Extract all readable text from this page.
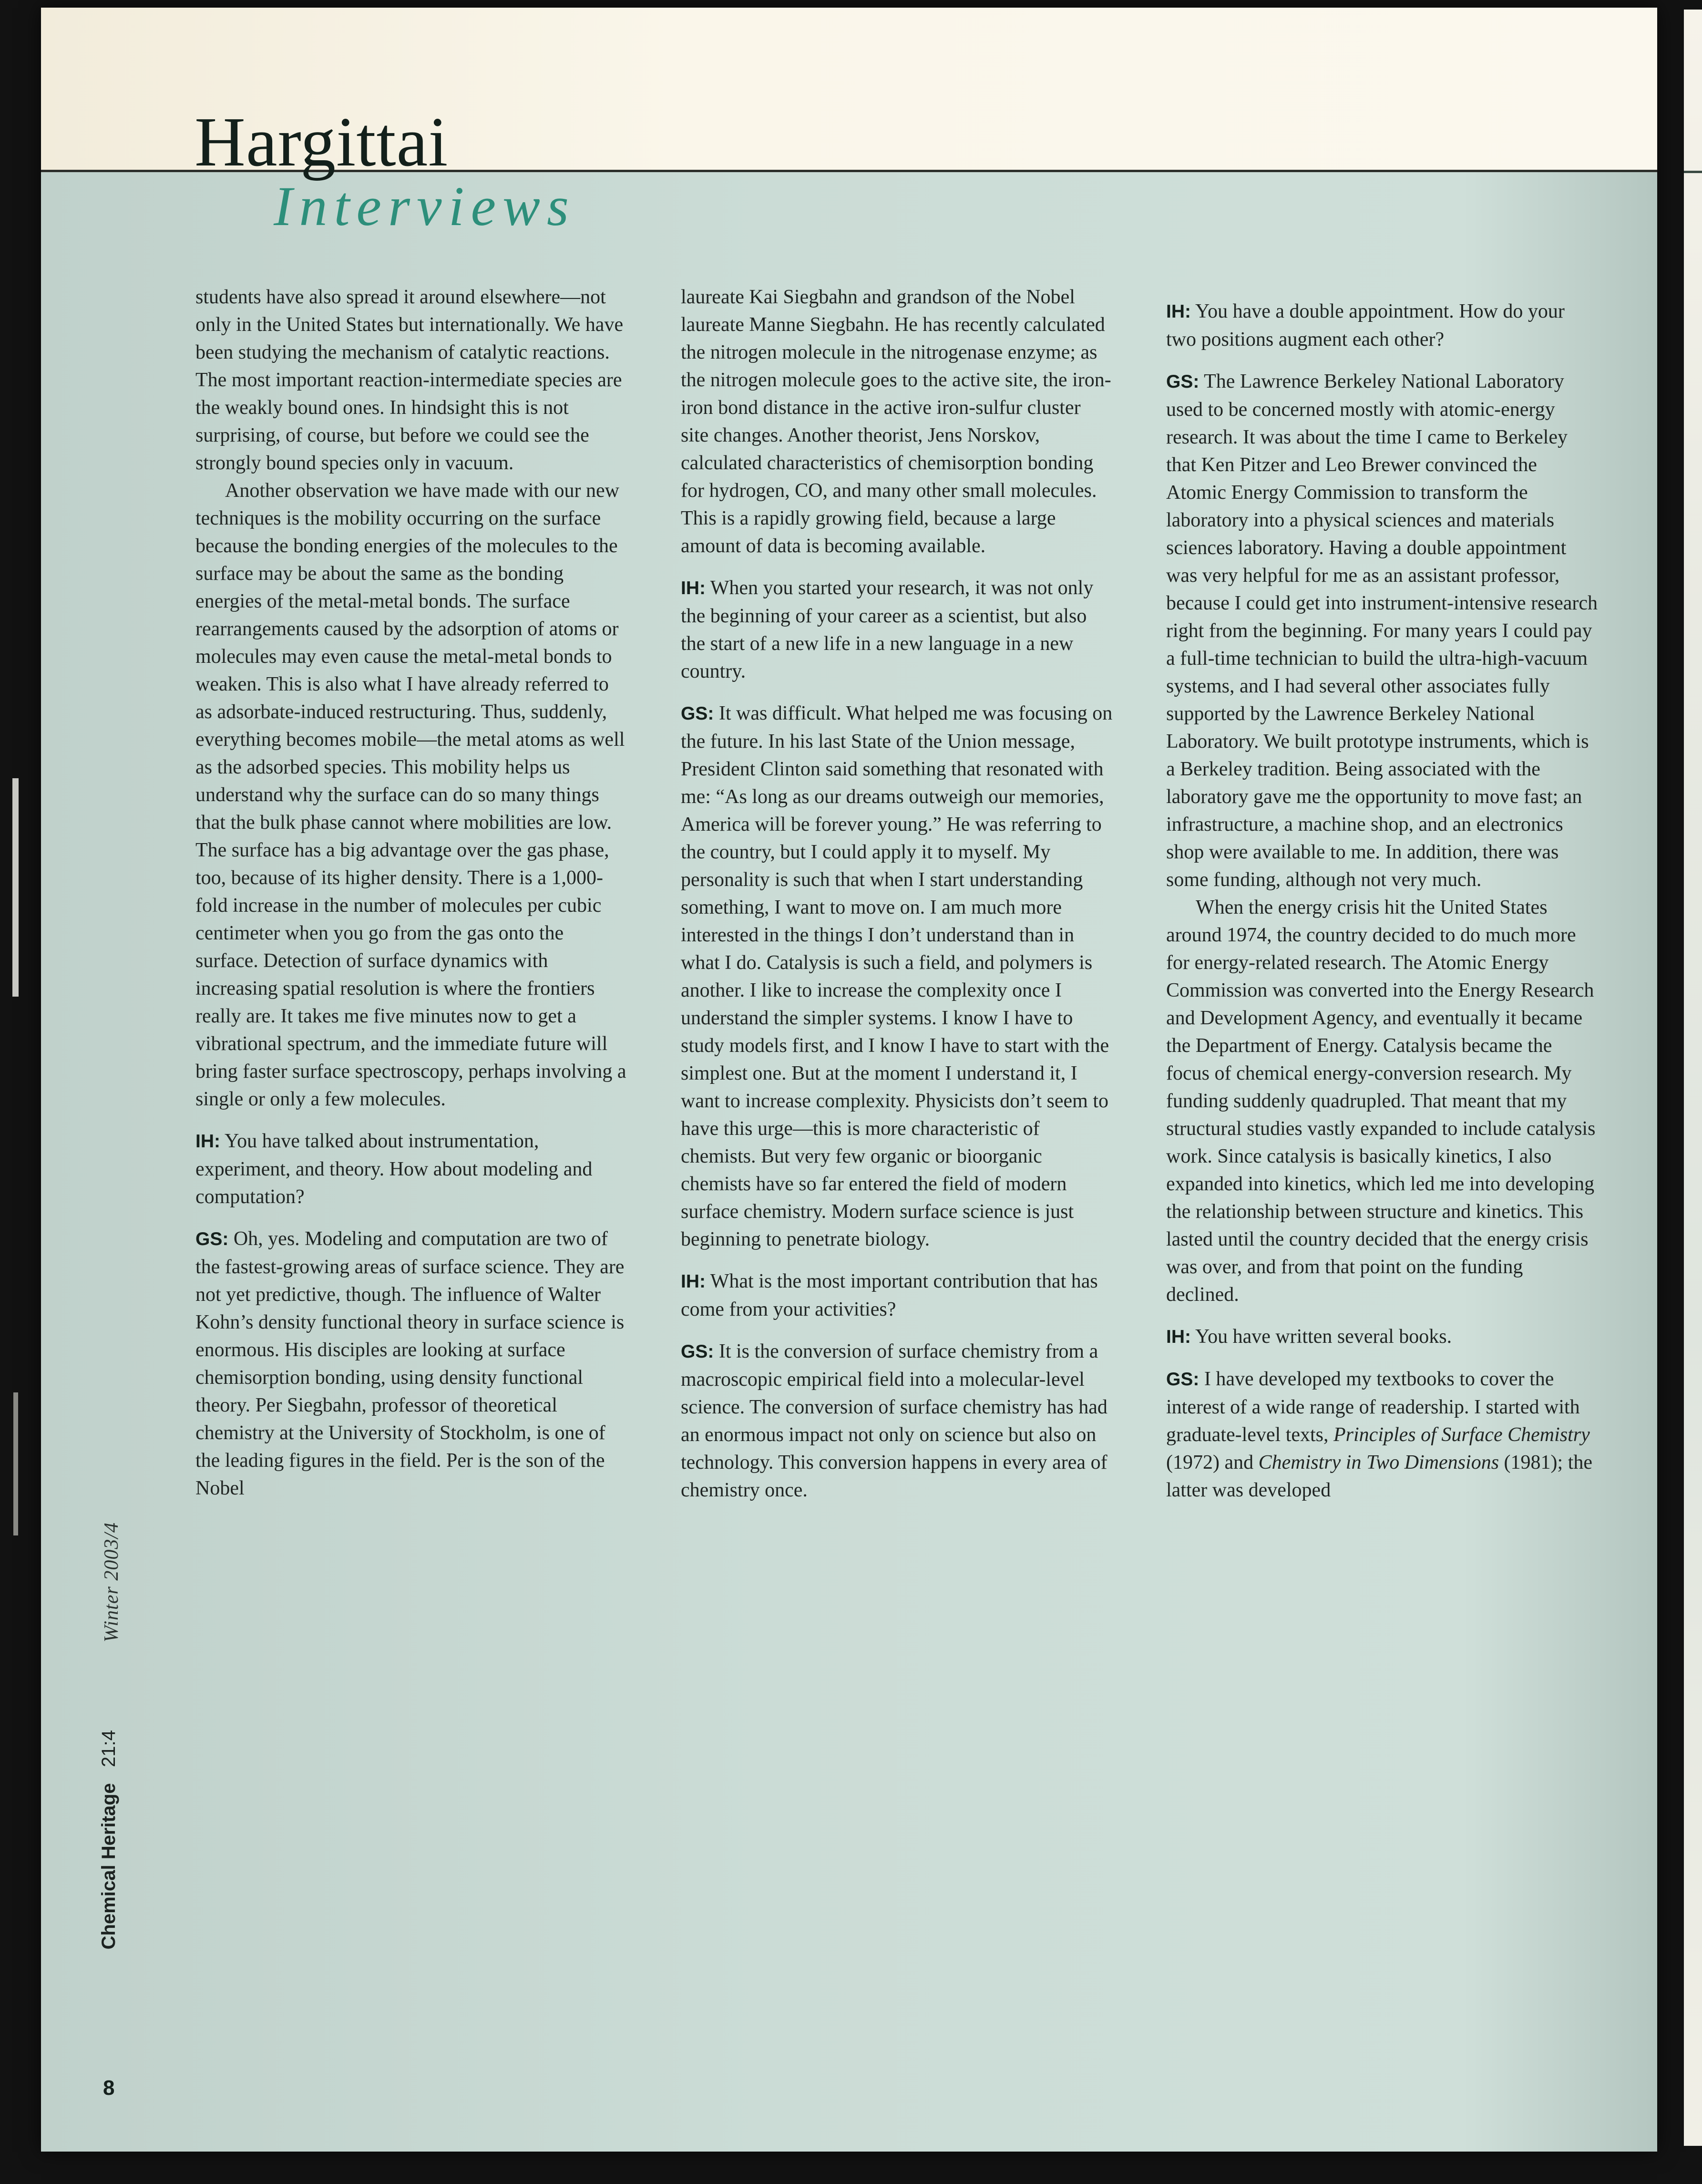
Hargittai
Interviews

students have also spread it around elsewhere—not only in the United States but internationally. We have been studying the mechanism of catalytic reactions. The most important reaction-intermediate species are the weakly bound ones. In hindsight this is not surprising, of course, but before we could see the strongly bound species only in vacuum.

Another observation we have made with our new techniques is the mobility occurring on the surface because the bonding energies of the molecules to the surface may be about the same as the bonding energies of the metal-metal bonds. The surface rearrangements caused by the adsorption of atoms or molecules may even cause the metal-metal bonds to weaken. This is also what I have already referred to as adsorbate-induced restructuring. Thus, suddenly, everything becomes mobile—the metal atoms as well as the adsorbed species. This mobility helps us understand why the surface can do so many things that the bulk phase cannot where mobilities are low. The surface has a big advantage over the gas phase, too, because of its higher density. There is a 1,000-fold increase in the number of molecules per cubic centimeter when you go from the gas onto the surface. Detection of surface dynamics with increasing spatial resolution is where the frontiers really are. It takes me five minutes now to get a vibrational spectrum, and the immediate future will bring faster surface spectroscopy, perhaps involving a single or only a few molecules.

IH: You have talked about instrumentation, experiment, and theory. How about modeling and computation?

GS: Oh, yes. Modeling and computation are two of the fastest-growing areas of surface science. They are not yet predictive, though. The influence of Walter Kohn’s density functional theory in surface science is enormous. His disciples are looking at surface chemisorption bonding, using density functional theory. Per Siegbahn, professor of theoretical chemistry at the University of Stockholm, is one of the leading figures in the field. Per is the son of the Nobel

laureate Kai Siegbahn and grandson of the Nobel laureate Manne Siegbahn. He has recently calculated the nitrogen molecule in the nitrogenase enzyme; as the nitrogen molecule goes to the active site, the iron-iron bond distance in the active iron-sulfur cluster site changes. Another theorist, Jens Norskov, calculated characteristics of chemisorption bonding for hydrogen, CO, and many other small molecules. This is a rapidly growing field, because a large amount of data is becoming available.

IH: When you started your research, it was not only the beginning of your career as a scientist, but also the start of a new life in a new language in a new country.

GS: It was difficult. What helped me was focusing on the future. In his last State of the Union message, President Clinton said something that resonated with me: “As long as our dreams outweigh our memories, America will be forever young.” He was referring to the country, but I could apply it to myself. My personality is such that when I start understanding something, I want to move on. I am much more interested in the things I don’t understand than in what I do. Catalysis is such a field, and polymers is another. I like to increase the complexity once I understand the simpler systems. I know I have to study models first, and I know I have to start with the simplest one. But at the moment I understand it, I want to increase complexity. Physicists don’t seem to have this urge—this is more characteristic of chemists. But very few organic or bioorganic chemists have so far entered the field of modern surface chemistry. Modern surface science is just beginning to penetrate biology.

IH: What is the most important contribution that has come from your activities?

GS: It is the conversion of surface chemistry from a macroscopic empirical field into a molecular-level science. The conversion of surface chemistry has had an enormous impact not only on science but also on technology. This conversion happens in every area of chemistry once.

IH: You have a double appointment. How do your two positions augment each other?

GS: The Lawrence Berkeley National Laboratory used to be concerned mostly with atomic-energy research. It was about the time I came to Berkeley that Ken Pitzer and Leo Brewer convinced the Atomic Energy Commission to transform the laboratory into a physical sciences and materials sciences laboratory. Having a double appointment was very helpful for me as an assistant professor, because I could get into instrument-intensive research right from the beginning. For many years I could pay a full-time technician to build the ultra-high-vacuum systems, and I had several other associates fully supported by the Lawrence Berkeley National Laboratory. We built prototype instruments, which is a Berkeley tradition. Being associated with the laboratory gave me the opportunity to move fast; an infrastructure, a machine shop, and an electronics shop were available to me. In addition, there was some funding, although not very much.

When the energy crisis hit the United States around 1974, the country decided to do much more for energy-related research. The Atomic Energy Commission was converted into the Energy Research and Development Agency, and eventually it became the Department of Energy. Catalysis became the focus of chemical energy-conversion research. My funding suddenly quadrupled. That meant that my structural studies vastly expanded to include catalysis work. Since catalysis is basically kinetics, I also expanded into kinetics, which led me into developing the relationship between structure and kinetics. This lasted until the country decided that the energy crisis was over, and from that point on the funding declined.

IH: You have written several books.

GS: I have developed my textbooks to cover the interest of a wide range of readership. I started with graduate-level texts, Principles of Surface Chemistry (1972) and Chemistry in Two Dimensions (1981); the latter was developed

Winter 2003/4
Chemical Heritage   21:4
8
